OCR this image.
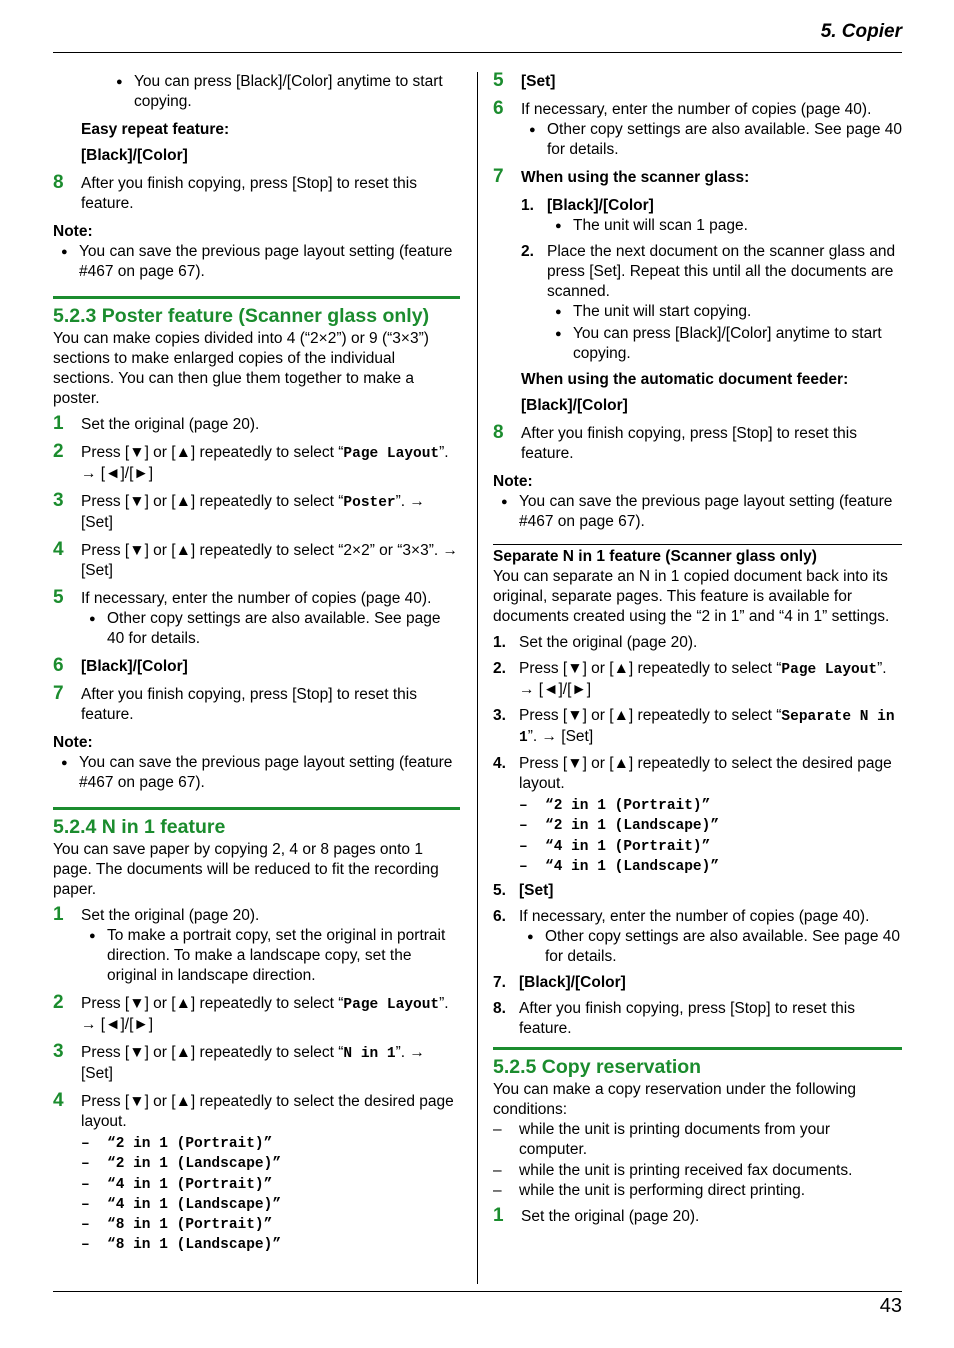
5. Copier
● You can press [Black]/[Color] anytime to start copying.

Easy repeat feature:

[Black]/[Color]

8 After you finish copying, press [Stop] to reset this feature.

Note:

● You can save the previous page layout setting (feature #467 on page 67).

5.2.3 Poster feature (Scanner glass only)

You can make copies divided into 4 (“2×2”) or 9 (“3×3”) sections to make enlarged copies of the individual sections. You can then glue them together to make a poster.

1 Set the original (page 20).
2 Press [▼] or [▲] repeatedly to select “Page Layout”. → [◄]/[►]
3 Press [▼] or [▲] repeatedly to select “Poster”. → [Set]
4 Press [▼] or [▲] repeatedly to select “2×2” or “3×3”. → [Set]
5 If necessary, enter the number of copies (page 40).
● Other copy settings are also available. See page 40 for details.
6 [Black]/[Color]
7 After you finish copying, press [Stop] to reset this feature.

Note:

● You can save the previous page layout setting (feature #467 on page 67).

5.2.4 N in 1 feature

You can save paper by copying 2, 4 or 8 pages onto 1 page. The documents will be reduced to fit the recording paper.

1 Set the original (page 20).
● To make a portrait copy, set the original in portrait direction. To make a landscape copy, set the original in landscape direction.
2 Press [▼] or [▲] repeatedly to select “Page Layout”. → [◄]/[►]
3 Press [▼] or [▲] repeatedly to select “N in 1”. → [Set]
4 Press [▼] or [▲] repeatedly to select the desired page layout.
– “2 in 1 (Portrait)”
– “2 in 1 (Landscape)”
– “4 in 1 (Portrait)”
– “4 in 1 (Landscape)”
– “8 in 1 (Portrait)”
– “8 in 1 (Landscape)”
5 [Set]
6 If necessary, enter the number of copies (page 40).
● Other copy settings are also available. See page 40 for details.
7 When using the scanner glass:
1. [Black]/[Color]
● The unit will scan 1 page.
2. Place the next document on the scanner glass and press [Set]. Repeat this until all the documents are scanned.
● The unit will start copying.
● You can press [Black]/[Color] anytime to start copying.

When using the automatic document feeder:

[Black]/[Color]

8 After you finish copying, press [Stop] to reset this feature.

Note:

● You can save the previous page layout setting (feature #467 on page 67).

Separate N in 1 feature (Scanner glass only)

You can separate an N in 1 copied document back into its original, separate pages. This feature is available for documents created using the “2 in 1” and “4 in 1” settings.

1. Set the original (page 20).
2. Press [▼] or [▲] repeatedly to select “Page Layout”. → [◄]/[►]
3. Press [▼] or [▲] repeatedly to select “Separate N in 1”. → [Set]
4. Press [▼] or [▲] repeatedly to select the desired page layout.
– “2 in 1 (Portrait)”
– “2 in 1 (Landscape)”
– “4 in 1 (Portrait)”
– “4 in 1 (Landscape)”
5. [Set]
6. If necessary, enter the number of copies (page 40).
● Other copy settings are also available. See page 40 for details.
7. [Black]/[Color]
8. After you finish copying, press [Stop] to reset this feature.

5.2.5 Copy reservation

You can make a copy reservation under the following conditions:

– while the unit is printing documents from your computer.
– while the unit is printing received fax documents.
– while the unit is performing direct printing.
1 Set the original (page 20).
43
